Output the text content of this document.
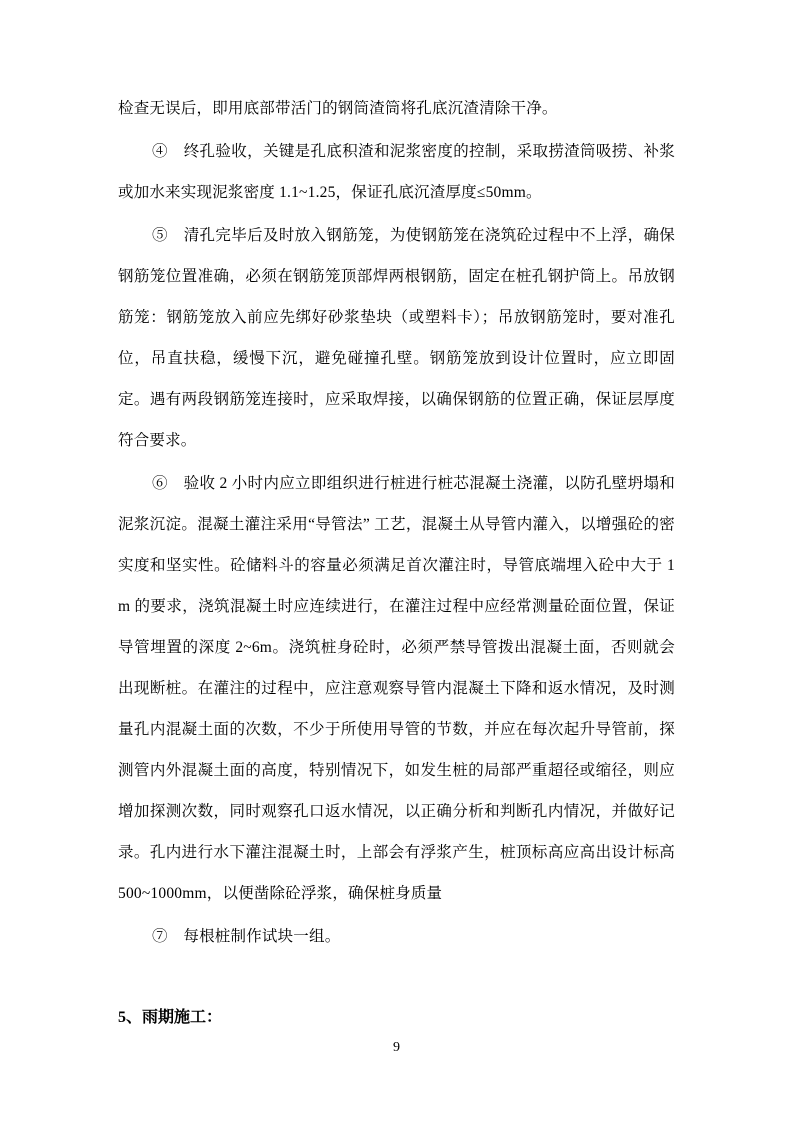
检查无误后，即用底部带活门的钢筒渣筒将孔底沉渣清除干净。

④　终孔验收，关键是孔底积渣和泥浆密度的控制，采取捞渣筒吸捞、补浆或加水来实现泥浆密度 1.1~1.25，保证孔底沉渣厚度≤50mm。

⑤　清孔完毕后及时放入钢筋笼，为使钢筋笼在浇筑砼过程中不上浮，确保钢筋笼位置准确，必须在钢筋笼顶部焊两根钢筋，固定在桩孔钢护筒上。吊放钢筋笼：钢筋笼放入前应先绑好砂浆垫块（或塑料卡）；吊放钢筋笼时，要对准孔位，吊直扶稳，缓慢下沉，避免碰撞孔壁。钢筋笼放到设计位置时，应立即固定。遇有两段钢筋笼连接时，应采取焊接，以确保钢筋的位置正确，保证层厚度符合要求。

⑥　验收 2 小时内应立即组织进行桩进行桩芯混凝土浇灌，以防孔壁坍塌和泥浆沉淀。混凝土灌注采用“导管法” 工艺，混凝土从导管内灌入，以增强砼的密实度和坚实性。砼储料斗的容量必须满足首次灌注时，导管底端埋入砼中大于 1m 的要求，浇筑混凝土时应连续进行，在灌注过程中应经常测量砼面位置，保证导管埋置的深度 2~6m。浇筑桩身砼时，必须严禁导管拨出混凝土面，否则就会出现断桩。在灌注的过程中，应注意观察导管内混凝土下降和返水情况，及时测量孔内混凝土面的次数，不少于所使用导管的节数，并应在每次起升导管前，探测管内外混凝土面的高度，特别情况下，如发生桩的局部严重超径或缩径，则应增加探测次数，同时观察孔口返水情况，以正确分析和判断孔内情况，并做好记录。孔内进行水下灌注混凝土时，上部会有浮浆产生，桩顶标高应高出设计标高 500~1000mm，以便凿除砼浮浆，确保桩身质量

⑦　每根桩制作试块一组。

5、雨期施工：
9
